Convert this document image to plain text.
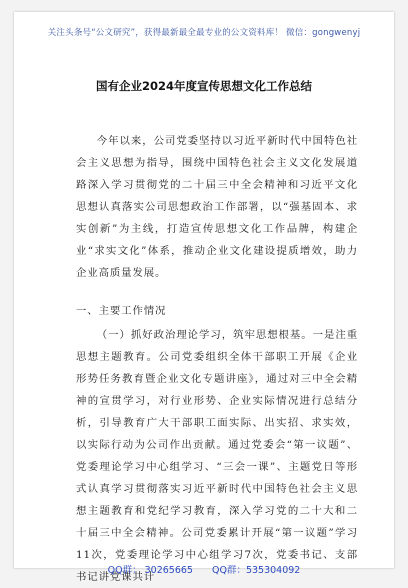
关注头条号“公文研究”，获得最新最全最专业的公文资料库！ 微信：gongwenyj
国有企业2024年度宣传思想文化工作总结

今年以来，公司党委坚持以习近平新时代中国特色社会主义思想为指导，围绕中国特色社会主义文化发展道路深入学习贯彻党的二十届三中全会精神和习近平文化思想认真落实公司思想政治工作部署，以“强基固本、求实创新”为主线，打造宣传思想文化工作品牌，构建企业“求实文化”体系，推动企业文化建设提质增效，助力企业高质量发展。

一、主要工作情况

（一）抓好政治理论学习，筑牢思想根基。一是注重思想主题教育。公司党委组织全体干部职工开展《企业形势任务教育暨企业文化专题讲座》，通过对三中全会精神的宣贯学习，对行业形势、企业实际情况进行总结分析，引导教育广大干部职工面实际、出实招、求实效，以实际行动为公司作出贡献。通过党委会“第一议题”、党委理论学习中心组学习、“三会一课”、主题党日等形式认真学习贯彻落实习近平新时代中国特色社会主义思想主题教育和党纪学习教育，深入学习党的二十大和二十届三中全会精神。公司党委累计开展“第一议题”学习11次，党委理论学习中心组学习7次，党委书记、支部书记讲党课共计

QQ群： 30265665 QQ群：535304092
